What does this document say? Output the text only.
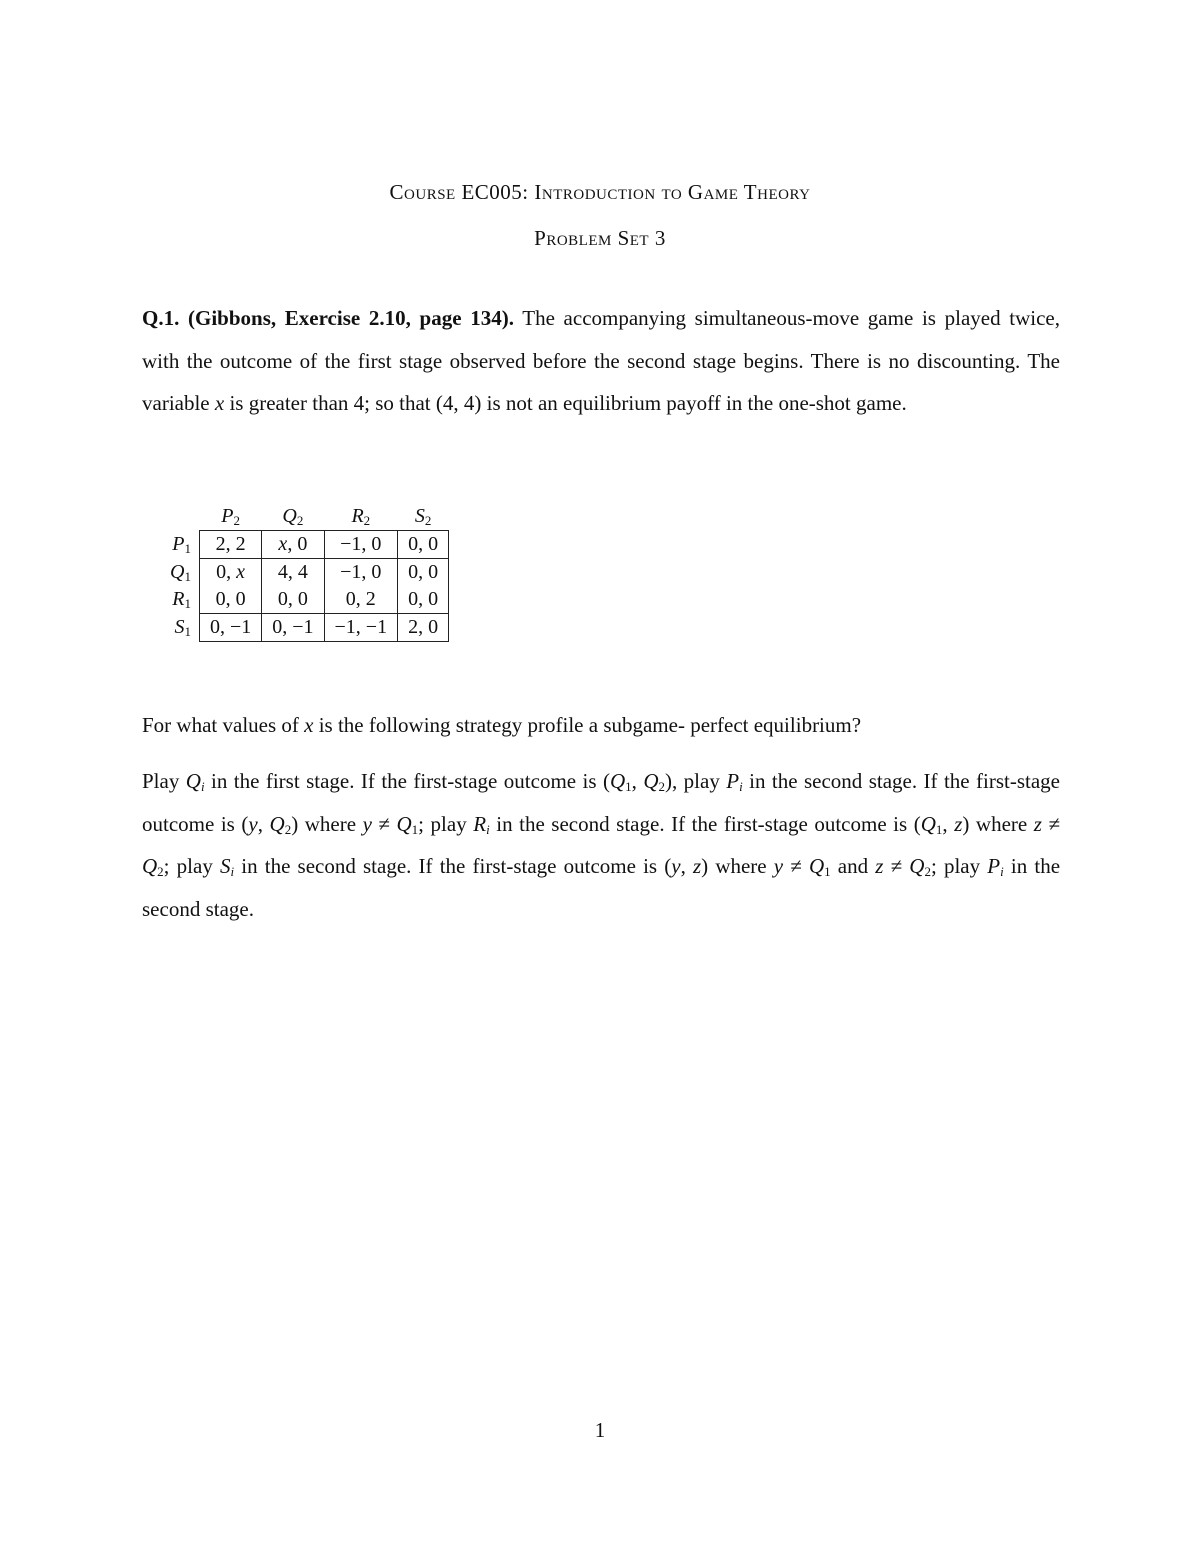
Course EC005: Introduction to Game Theory
Problem Set 3

Q.1. (Gibbons, Exercise 2.10, page 134). The accompanying simultaneous-move game is played twice, with the outcome of the first stage observed before the second stage begins. There is no discounting. The variable x is greater than 4; so that (4, 4) is not an equilibrium payoff in the one-shot game.

	$P_2$	$Q_2$	$R_2$	$S_2$
$P_1$	2, 2	x, 0	−1, 0	0, 0
$Q_1$	0, x	4, 4	−1, 0	0, 0
$R_1$	0, 0	0, 0	0, 2	0, 0
$S_1$	0, −1	0, −1	−1, −1	2, 0

For what values of x is the following strategy profile a subgame- perfect equilibrium?

Play $Q_i$ in the first stage. If the first-stage outcome is ($Q_1$, $Q_2$), play $P_i$ in the second stage. If the first-stage outcome is (y, $Q_2$) where $y \ne Q_1$; play $R_i$ in the second stage. If the first-stage outcome is ($Q_1$, z) where $z \ne Q_2$; play $S_i$ in the second stage. If the first-stage outcome is (y, z) where $y \ne Q_1$ and $z \ne Q_2$; play $P_i$ in the second stage.

1
